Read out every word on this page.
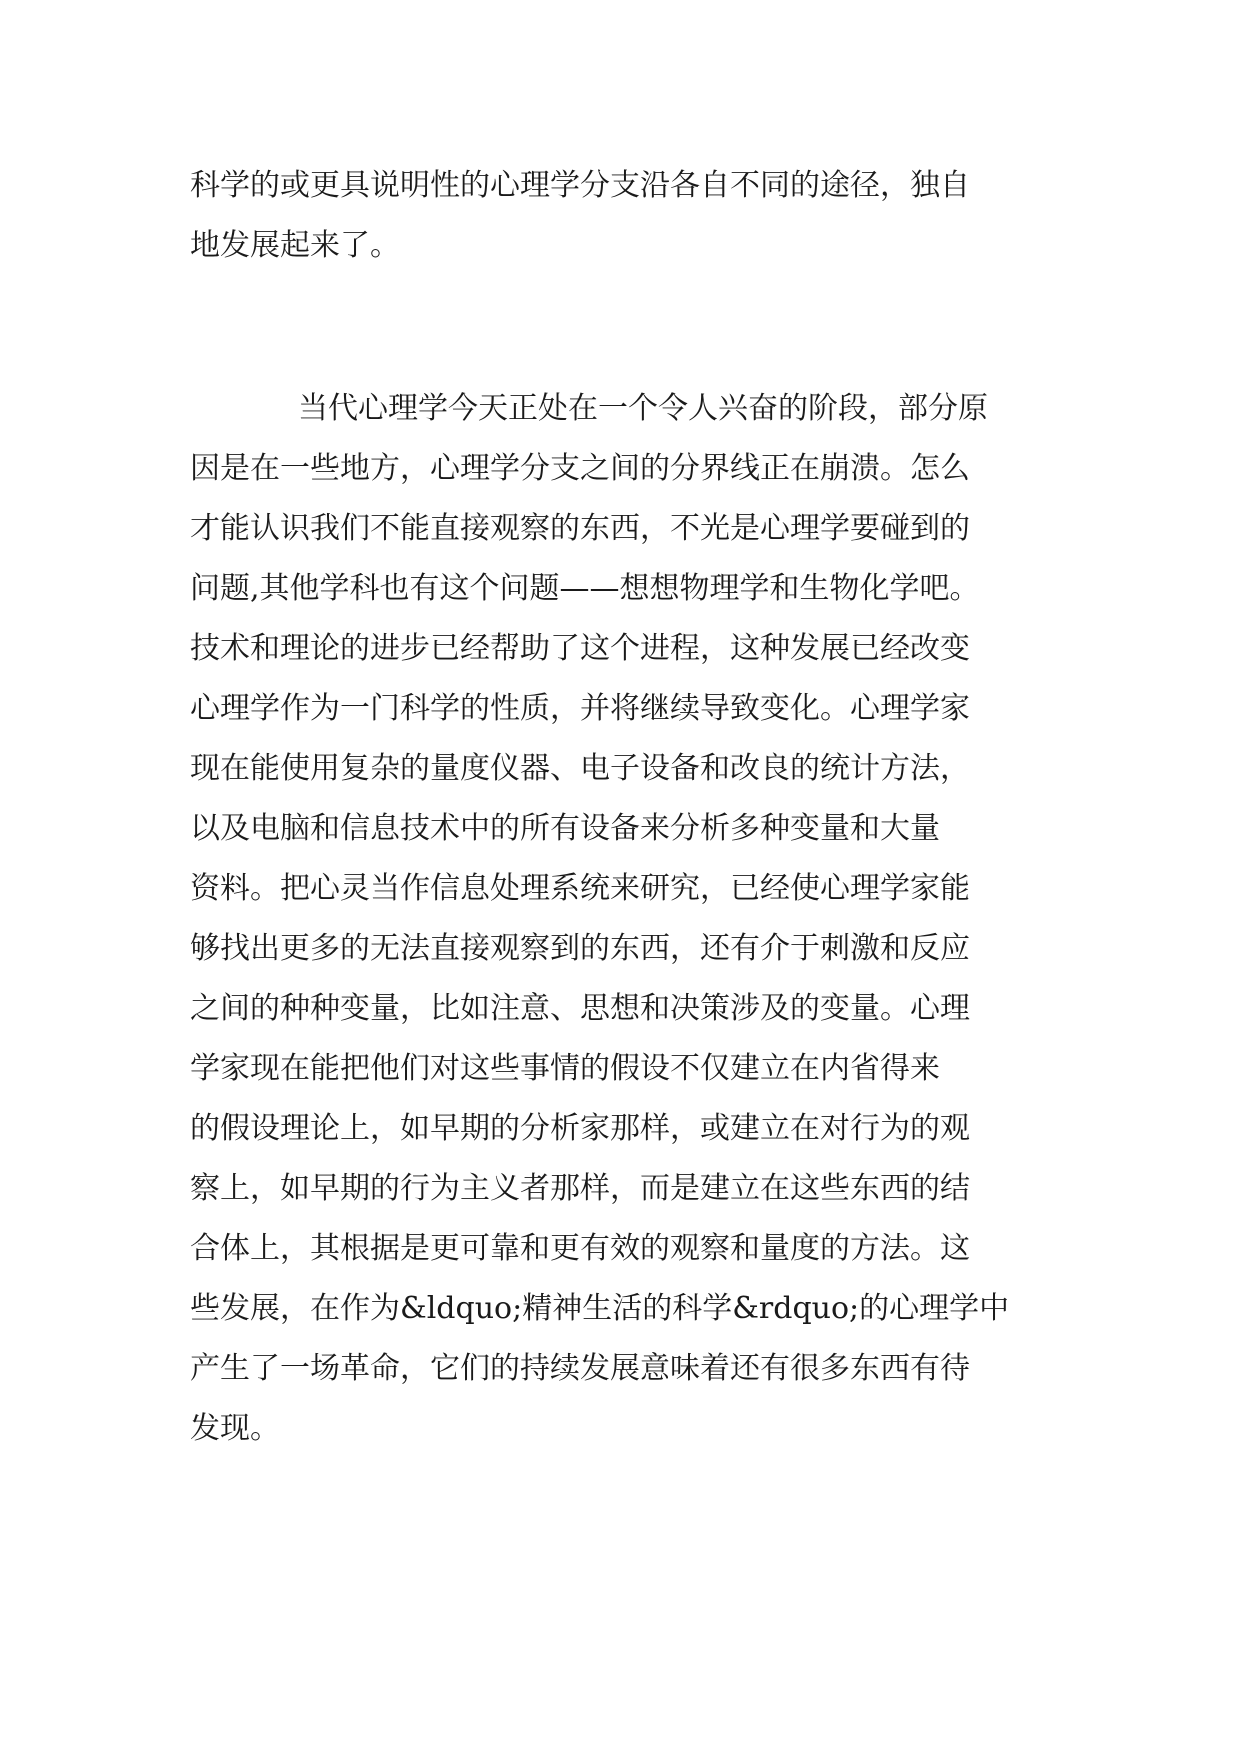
科学的或更具说明性的心理学分支沿各自不同的途径，独自
地发展起来了。
当代心理学今天正处在一个令人兴奋的阶段，部分原
因是在一些地方，心理学分支之间的分界线正在崩溃。怎么
才能认识我们不能直接观察的东西，不光是心理学要碰到的
问题,其他学科也有这个问题——想想物理学和生物化学吧。
技术和理论的进步已经帮助了这个进程，这种发展已经改变
心理学作为一门科学的性质，并将继续导致变化。心理学家
现在能使用复杂的量度仪器、电子设备和改良的统计方法，
以及电脑和信息技术中的所有设备来分析多种变量和大量
资料。把心灵当作信息处理系统来研究，已经使心理学家能
够找出更多的无法直接观察到的东西，还有介于刺激和反应
之间的种种变量，比如注意、思想和决策涉及的变量。心理
学家现在能把他们对这些事情的假设不仅建立在内省得来
的假设理论上，如早期的分析家那样，或建立在对行为的观
察上，如早期的行为主义者那样，而是建立在这些东西的结
合体上，其根据是更可靠和更有效的观察和量度的方法。这
些发展，在作为&ldquo;精神生活的科学&rdquo;的心理学中
产生了一场革命，它们的持续发展意味着还有很多东西有待
发现。
